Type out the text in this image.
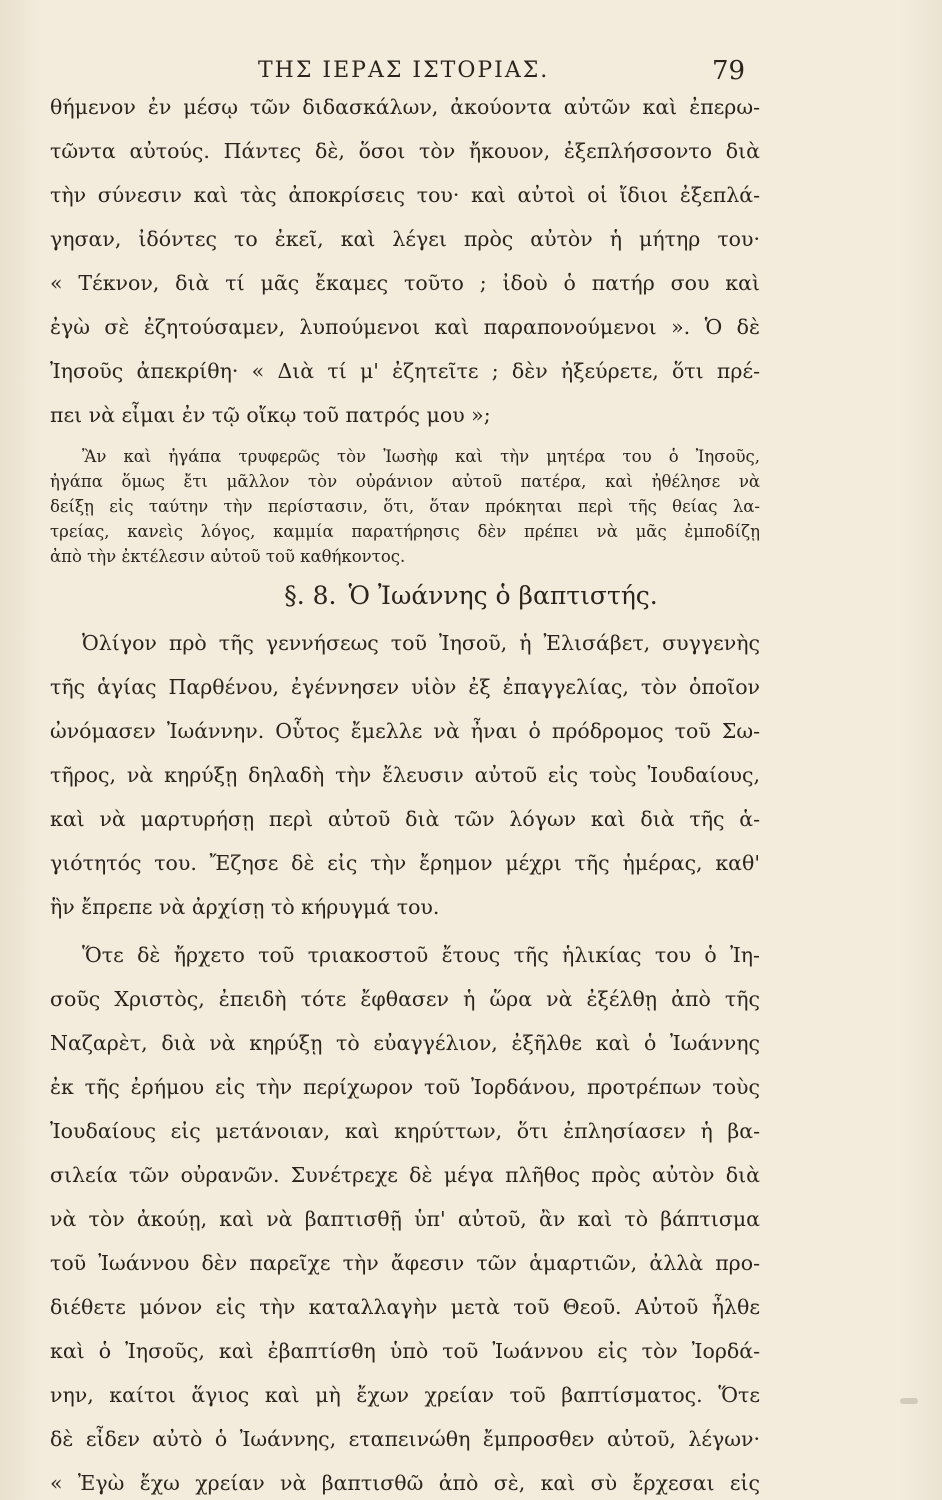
ΤΗΣ ΙΕΡΑΣ ΙΣΤΟΡΙΑΣ.	79
θήμενον ἐν μέσῳ τῶν διδασκάλων, ἀκούοντα αὐτῶν καὶ ἐπερω-
τῶντα αὐτούς. Πάντες δὲ, ὅσοι τὸν ἤκουον, ἐξεπλήσσοντο διὰ
τὴν σύνεσιν καὶ τὰς ἀποκρίσεις του· καὶ αὐτοὶ οἱ ἴδιοι ἐξεπλά-
γησαν, ἰδόντες το ἐκεῖ, καὶ λέγει πρὸς αὐτὸν ἡ μήτηρ του·
« Τέκνον, διὰ τί μᾶς ἔκαμες τοῦτο ; ἰδοὺ ὁ πατήρ σου καὶ
ἐγὼ σὲ ἐζητούσαμεν, λυπούμενοι καὶ παραπονούμενοι ». Ὁ δὲ
Ἰησοῦς ἀπεκρίθη· « Διὰ τί μ' ἐζητεῖτε ; δὲν ἠξεύρετε, ὅτι πρέ-
πει νὰ εἶμαι ἐν τῷ οἴκῳ τοῦ πατρός μου »;
Ἂν καὶ ἠγάπα τρυφερῶς τὸν Ἰωσὴφ καὶ τὴν μητέρα του ὁ Ἰησοῦς,
ἠγάπα ὅμως ἔτι μᾶλλον τὸν οὐράνιον αὐτοῦ πατέρα, καὶ ἠθέλησε νὰ
δείξῃ εἰς ταύτην τὴν περίστασιν, ὅτι, ὅταν πρόκηται περὶ τῆς θείας λα-
τρείας, κανεὶς λόγος, καμμία παρατήρησις δὲν πρέπει νὰ μᾶς ἐμποδίζῃ
ἀπὸ τὴν ἐκτέλεσιν αὐτοῦ τοῦ καθήκοντος.
§. 8. Ὁ Ἰωάννης ὁ βαπτιστής.
Ὀλίγον πρὸ τῆς γεννήσεως τοῦ Ἰησοῦ, ἡ Ἐλισάβετ, συγγενὴς
τῆς ἁγίας Παρθένου, ἐγέννησεν υἱὸν ἐξ ἐπαγγελίας, τὸν ὁποῖον
ὠνόμασεν Ἰωάννην. Οὗτος ἔμελλε νὰ ἦναι ὁ πρόδρομος τοῦ Σω-
τῆρος, νὰ κηρύξῃ δηλαδὴ τὴν ἔλευσιν αὐτοῦ εἰς τοὺς Ἰουδαίους,
καὶ νὰ μαρτυρήσῃ περὶ αὐτοῦ διὰ τῶν λόγων καὶ διὰ τῆς ἁ-
γιότητός του. Ἔζησε δὲ εἰς τὴν ἔρημον μέχρι τῆς ἡμέρας, καθ'
ἣν ἔπρεπε νὰ ἀρχίσῃ τὸ κήρυγμά του.
Ὅτε δὲ ἤρχετο τοῦ τριακοστοῦ ἔτους τῆς ἡλικίας του ὁ Ἰη-
σοῦς Χριστὸς, ἐπειδὴ τότε ἔφθασεν ἡ ὥρα νὰ ἐξέλθῃ ἀπὸ τῆς
Ναζαρὲτ, διὰ νὰ κηρύξῃ τὸ εὐαγγέλιον, ἐξῆλθε καὶ ὁ Ἰωάννης
ἐκ τῆς ἐρήμου εἰς τὴν περίχωρον τοῦ Ἰορδάνου, προτρέπων τοὺς
Ἰουδαίους εἰς μετάνοιαν, καὶ κηρύττων, ὅτι ἐπλησίασεν ἡ βα-
σιλεία τῶν οὐρανῶν. Συνέτρεχε δὲ μέγα πλῆθος πρὸς αὐτὸν διὰ
νὰ τὸν ἀκούῃ, καὶ νὰ βαπτισθῇ ὑπ' αὐτοῦ, ἂν καὶ τὸ βάπτισμα
τοῦ Ἰωάννου δὲν παρεῖχε τὴν ἄφεσιν τῶν ἁμαρτιῶν, ἀλλὰ προ-
διέθετε μόνον εἰς τὴν καταλλαγὴν μετὰ τοῦ Θεοῦ. Αὐτοῦ ἦλθε
καὶ ὁ Ἰησοῦς, καὶ ἐβαπτίσθη ὑπὸ τοῦ Ἰωάννου εἰς τὸν Ἰορδά-
νην, καίτοι ἅγιος καὶ μὴ ἔχων χρείαν τοῦ βαπτίσματος. Ὅτε
δὲ εἶδεν αὐτὸ ὁ Ἰωάννης, εταπεινώθη ἔμπροσθεν αὐτοῦ, λέγων·
« Ἐγὼ ἔχω χρείαν νὰ βαπτισθῶ ἀπὸ σὲ, καὶ σὺ ἔρχεσαι εἰς
